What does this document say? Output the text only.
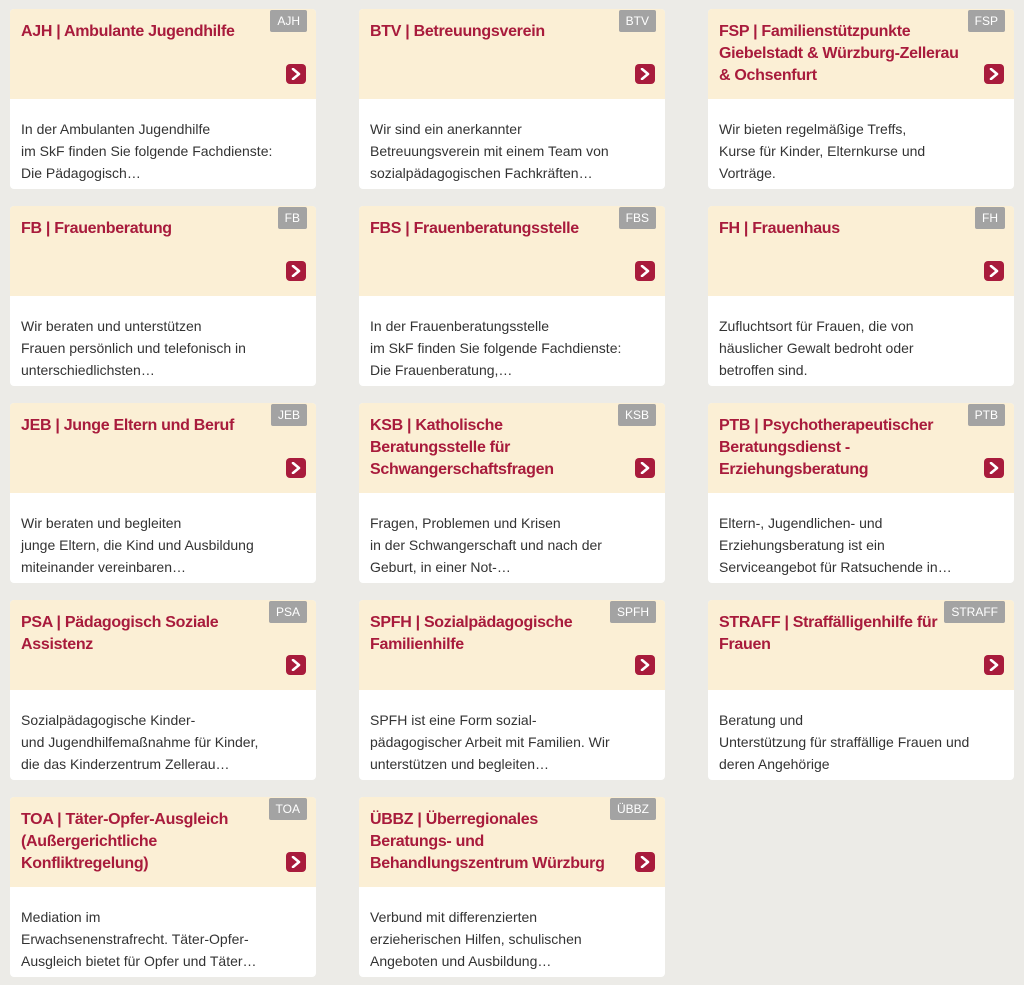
AJH | Ambulante Jugendhilfe
AJH

In der Ambulanten Jugendhilfe
im SkF finden Sie folgende Fachdienste:
Die Pädagogisch…

BTV | Betreuungsverein
BTV

Wir sind ein anerkannter
Betreuungsverein mit einem Team von
sozialpädagogischen Fachkräften…

FSP | Familienstützpunkte Giebelstadt & Würzburg-Zellerau & Ochsenfurt
FSP

Wir bieten regelmäßige Treffs,
Kurse für Kinder, Elternkurse und
Vorträge.

FB | Frauenberatung
FB

Wir beraten und unterstützen
Frauen persönlich und telefonisch in
unterschiedlichsten…

FBS | Frauenberatungsstelle
FBS

In der Frauenberatungsstelle
im SkF finden Sie folgende Fachdienste:
Die Frauenberatung,…

FH | Frauenhaus
FH

Zufluchtsort für Frauen, die von
häuslicher Gewalt bedroht oder
betroffen sind.

JEB | Junge Eltern und Beruf
JEB

Wir beraten und begleiten
junge Eltern, die Kind und Ausbildung
miteinander vereinbaren…

KSB | Katholische Beratungsstelle für Schwangerschaftsfragen
KSB

Fragen, Problemen und Krisen
in der Schwangerschaft und nach der
Geburt, in einer Not-…

PTB | Psychotherapeutischer Beratungsdienst - Erziehungsberatung
PTB

Eltern-, Jugendlichen- und
Erziehungsberatung ist ein
Serviceangebot für Ratsuchende in…

PSA | Pädagogisch Soziale Assistenz
PSA

Sozialpädagogische Kinder-
und Jugendhilfemaßnahme für Kinder,
die das Kinderzentrum Zellerau…

SPFH | Sozialpädagogische Familienhilfe
SPFH

SPFH ist eine Form sozial-
pädagogischer Arbeit mit Familien. Wir
unterstützen und begleiten…

STRAFF | Straffälligenhilfe für Frauen
STRAFF

Beratung und
Unterstützung für straffällige Frauen und
deren Angehörige

TOA | Täter-Opfer-Ausgleich (Außergerichtliche Konfliktregelung)
TOA

Mediation im
Erwachsenenstrafrecht. Täter-Opfer-
Ausgleich bietet für Opfer und Täter…

ÜBBZ | Überregionales Beratungs- und Behandlungszentrum Würzburg
ÜBBZ

Verbund mit differenzierten
erzieherischen Hilfen, schulischen
Angeboten und Ausbildung…
